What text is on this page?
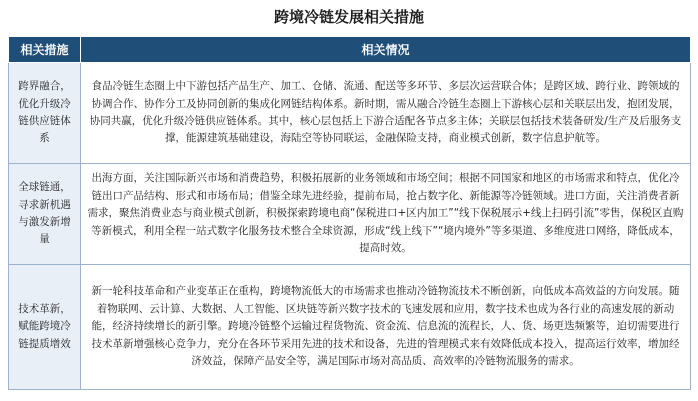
跨境冷链发展相关措施
相关措施	相关情况
跨界融合，优化升级冷链供应链体系	食品冷链生态圈上中下游包括产品生产、加工、仓储、流通、配送等多环节、多层次运营联合体；是跨区域、跨行业、跨领域的协调合作、协作分工及协同创新的集成化网链结构体系。新时期，需从融合冷链生态圈上下游核心层和关联层出发，抱团发展，协同共赢，优化升级冷链供应链体系。其中，核心层包括上下游合适配各节点多主体；关联层包括技术装备研发/生产及后服务支撑，能源建筑基础建设，海陆空等协同联运，金融保险支持，商业模式创新，数字信息护航等。
全球链通，寻求新机遇与激发新增量	出海方面，关注国际新兴市场和消费趋势，积极拓展新的业务领域和市场空间；根据不同国家和地区的市场需求和特点，优化冷链出口产品结构、形式和市场布局；借鉴全球先进经验，提前布局，抢占数字化、新能源等冷链领域。进口方面，关注消费者新需求，聚焦消费业态与商业模式创新，积极探索跨境电商“保税进口+区内加工”“线下保税展示+线上扫码引流”零售，保税区直购等新模式，利用全程一站式数字化服务技术整合全球资源，形成“线上线下”“境内境外”等多渠道、多维度进口网络，降低成本，提高时效。
技术革新，赋能跨境冷链提质增效	新一轮科技革命和产业变革正在重构，跨境物流低大的市场需求也推动冷链物流技术不断创新，向低成本高效益的方向发展。随着物联网、云计算、大数据、人工智能、区块链等新兴数字技术的飞速发展和应用，数字技术也成为各行业的高速发展的新动能，经济持续增长的新引擎。跨境冷链整个运输过程货物流、资金流、信息流的流程长，人、货、场更迭频繁等，迫切需要进行技术革新增强核心竞争力，充分在各环节采用先进的技术和设备，先进的管理模式来有效降低成本投入，提高运行效率，增加经济效益，保障产品安全等，满足国际市场对高品质、高效率的冷链物流服务的需求。
